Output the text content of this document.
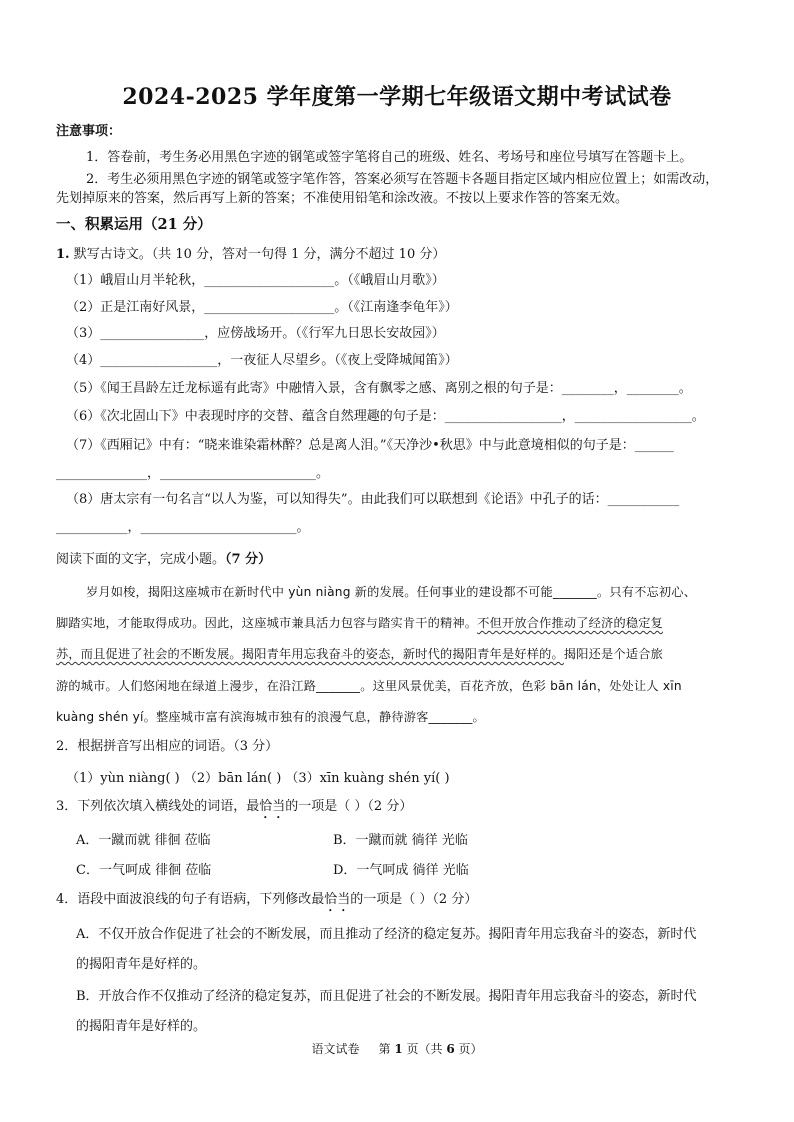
2024-2025 学年度第一学期七年级语文期中考试试卷
注意事项：
1．答卷前，考生务必用黑色字迹的钢笔或签字笔将自己的班级、姓名、考场号和座位号填写在答题卡上。
2．考生必须用黑色字迹的钢笔或签字笔作答，答案必须写在答题卡各题目指定区域内相应位置上；如需改动，
先划掉原来的答案，然后再写上新的答案；不准使用铅笔和涂改液。不按以上要求作答的答案无效。
一、积累运用（21 分）
1. 默写古诗文。（共 10 分，答对一句得 1 分，满分不超过 10 分）
（1）峨眉山月半轮秋，____________________。（《峨眉山月歌》）
（2）正是江南好风景，____________________。（《江南逢李龟年》）
（3）________________，应傍战场开。（《行军九日思长安故园》）
（4）__________________，一夜征人尽望乡。（《夜上受降城闻笛》）
（5）《闻王昌龄左迁龙标遥有此寄》中融情入景，含有飘零之感、离别之根的句子是：________，________。
（6）《次北固山下》中表现时序的交替、蕴含自然理趣的句子是：__________________，__________________。
（7）《西厢记》中有：“晓来谁染霜林醉？总是离人泪。”《天净沙•秋思》中与此意境相似的句子是：______
______________，________________________。
（8）唐太宗有一句名言“以人为鉴，可以知得失”。由此我们可以联想到《论语》中孔子的话：___________
___________，________________________。
阅读下面的文字，完成小题。（7 分）
岁月如梭，揭阳这座城市在新时代中 yùn niàng 新的发展。任何事业的建设都不可能_______。只有不忘初心、
脚踏实地，才能取得成功。因此，这座城市兼具活力包容与踏实肯干的精神。不但开放合作推动了经济的稳定复
苏，而且促进了社会的不断发展。揭阳青年用忘我奋斗的姿态，新时代的揭阳青年是好样的。揭阳还是个适合旅
游的城市。人们悠闲地在绿道上漫步，在沿江路_______。这里风景优美，百花齐放，色彩 bān lán，处处让人 xīn
kuàng shén yí。整座城市富有滨海城市独有的浪漫气息，静待游客_______。
2．根据拼音写出相应的词语。（3 分）
（1）yùn niàng( ) （2）bān lán( ) （3）xīn kuàng shén yí( )
3．下列依次填入横线处的词语，最恰当的一项是（ ）（2 分）
A．一蹴而就 徘徊 莅临	B．一蹴而就 徜徉 光临
C．一气呵成 徘徊 莅临	D．一气呵成 徜徉 光临
4．语段中面波浪线的句子有语病，下列修改最恰当的一项是（ ）（2 分）
A．不仅开放合作促进了社会的不断发展，而且推动了经济的稳定复苏。揭阳青年用忘我奋斗的姿态，新时代
的揭阳青年是好样的。
B．开放合作不仅推动了经济的稳定复苏，而且促进了社会的不断发展。揭阳青年用忘我奋斗的姿态，新时代
的揭阳青年是好样的。
语文试卷 第 1 页（共 6 页）
